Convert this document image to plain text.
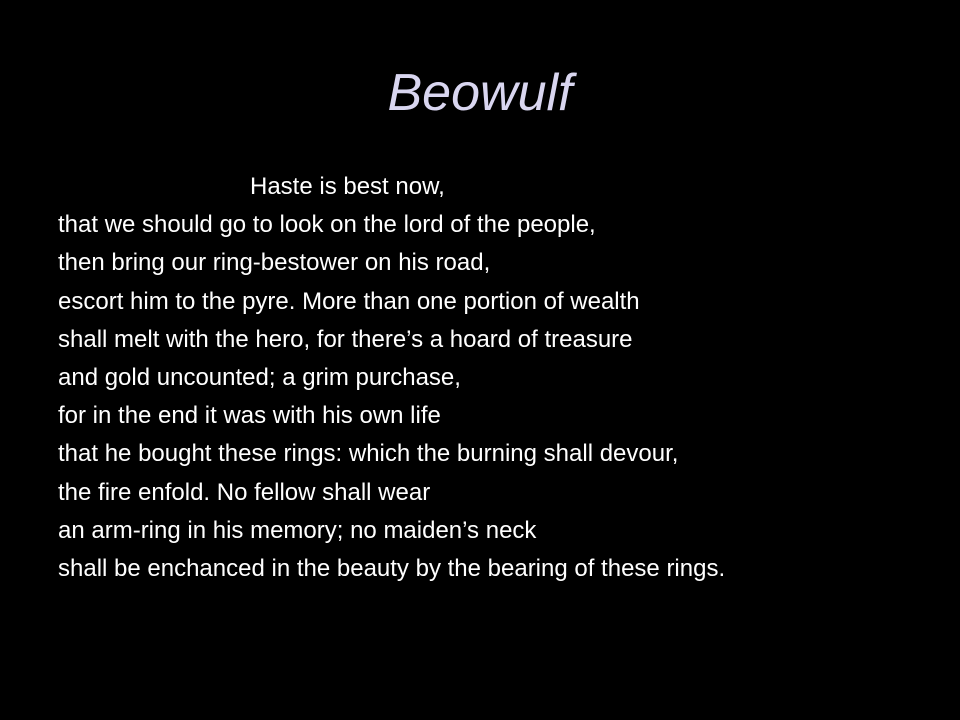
Beowulf
Haste is best now,
that we should go to look on the lord of the people,
then bring our ring-bestower on his road,
escort him to the pyre. More than one portion of wealth
shall melt with the hero, for there’s a hoard of treasure
and gold uncounted; a grim purchase,
for in the end it was with his own life
that he bought these rings: which the burning shall devour,
the fire enfold. No fellow shall wear
an arm-ring in his memory; no maiden’s neck
shall be enchanced in the beauty by the bearing of these rings.
